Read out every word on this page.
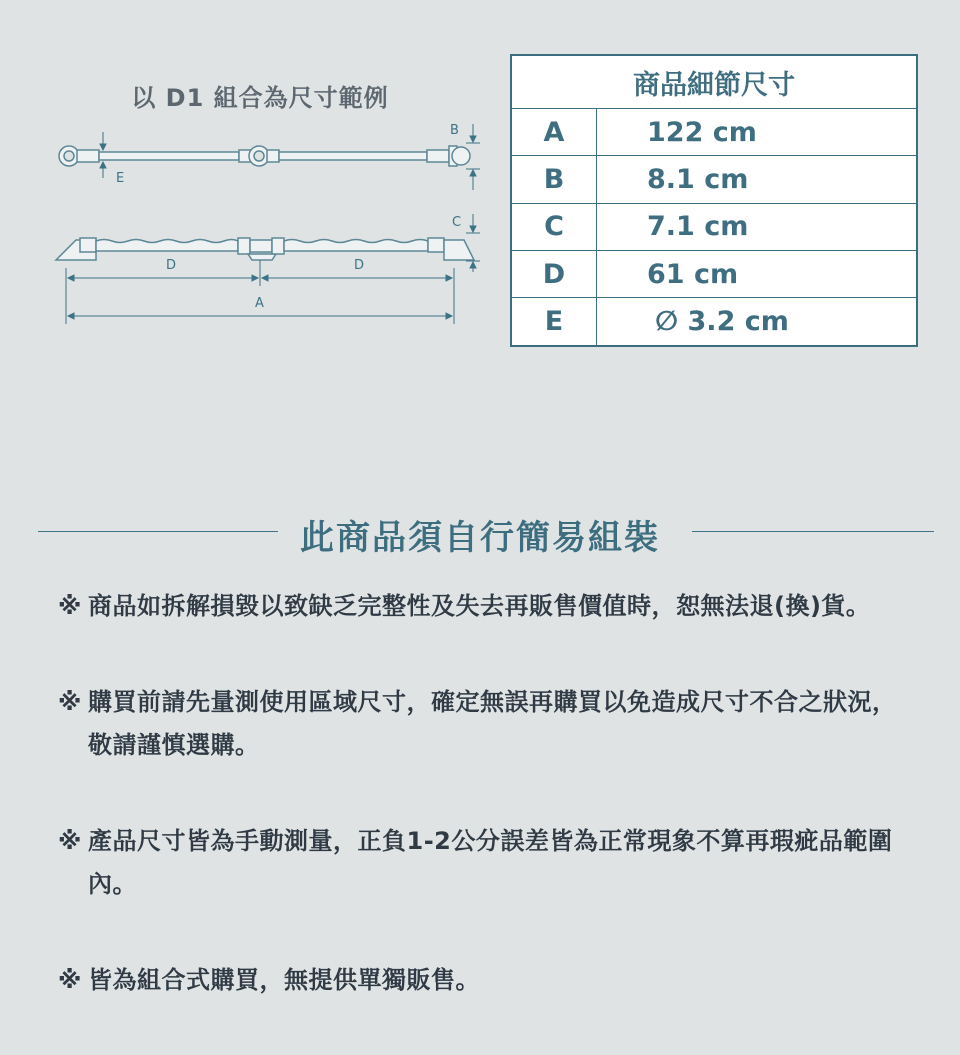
以 D1 組合為尺寸範例
E
B
C
D	D
A
商品細節尺寸	
A	122 cm
B	8.1 cm
C	7.1 cm
D	61 cm
E	∅ 3.2 cm
此商品須自行簡易組裝
※ 商品如拆解損毀以致缺乏完整性及失去再販售價值時，恕無法退(換)貨。
※ 購買前請先量測使用區域尺寸，確定無誤再購買以免造成尺寸不合之狀況，敬請謹慎選購。
※ 產品尺寸皆為手動測量，正負1-2公分誤差皆為正常現象不算再瑕疵品範圍內。
※ 皆為組合式購買，無提供單獨販售。
